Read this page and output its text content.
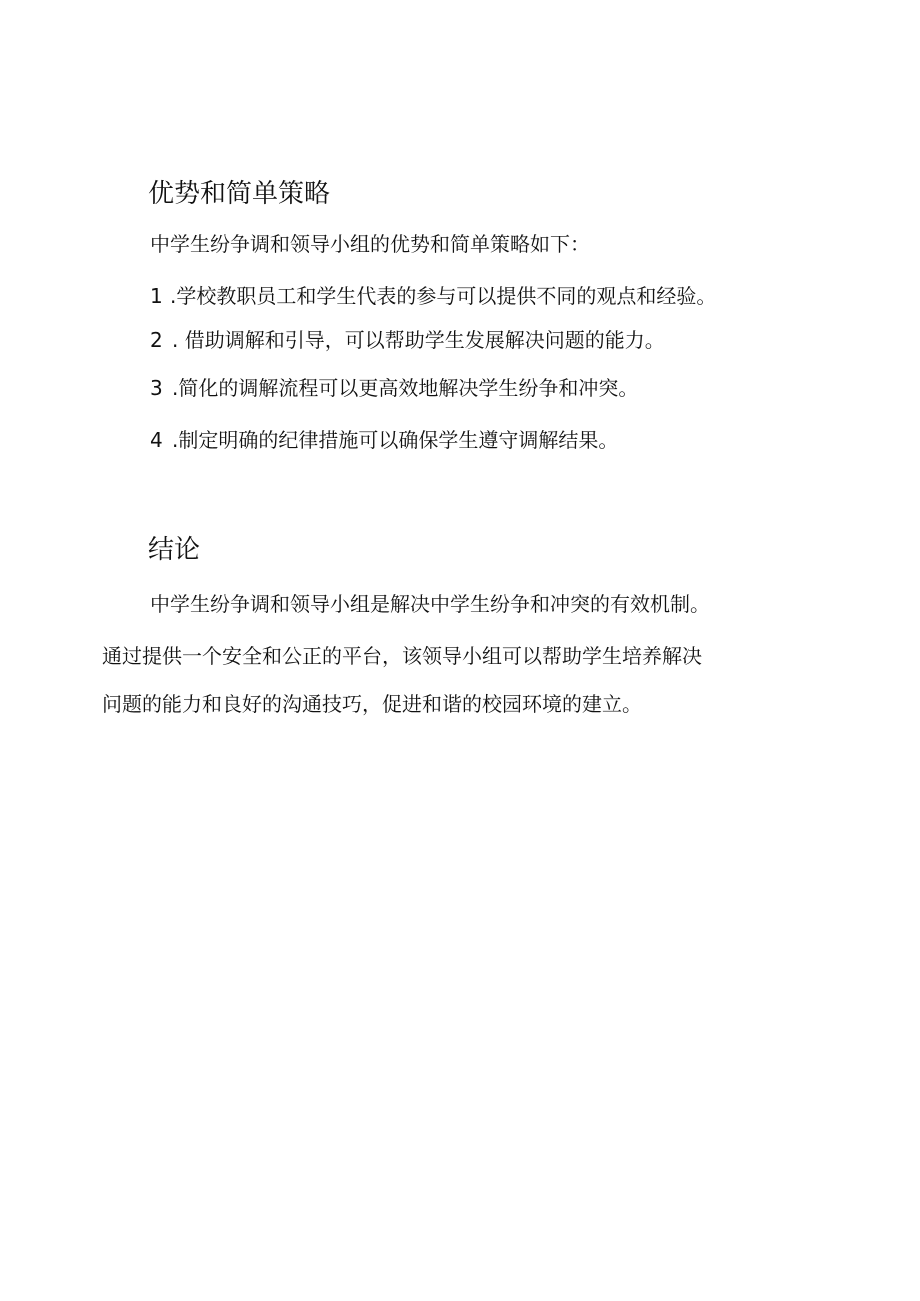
优势和简单策略

中学生纷争调和领导小组的优势和简单策略如下：

1 .学校教职员工和学生代表的参与可以提供不同的观点和经验。
2 . 借助调解和引导，可以帮助学生发展解决问题的能力。
3 .简化的调解流程可以更高效地解决学生纷争和冲突。
4 .制定明确的纪律措施可以确保学生遵守调解结果。
结论

中学生纷争调和领导小组是解决中学生纷争和冲突的有效机制。

通过提供一个安全和公正的平台，该领导小组可以帮助学生培养解决

问题的能力和良好的沟通技巧，促进和谐的校园环境的建立。
